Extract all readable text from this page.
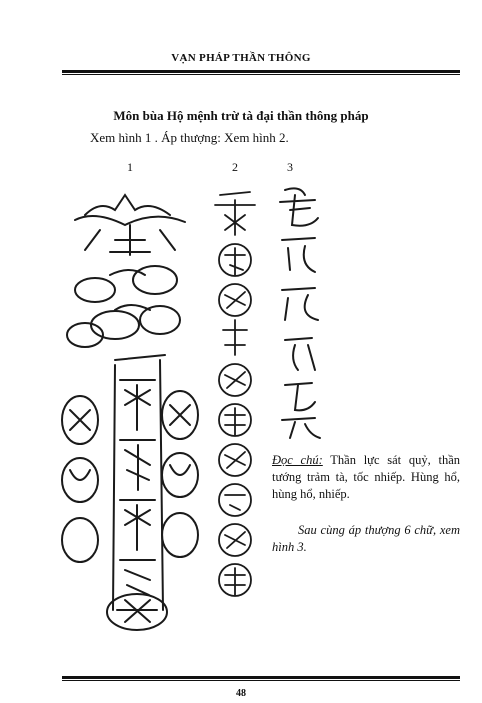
VẠN PHÁP THẦN THÔNG
Môn bùa Hộ mệnh trừ tà đại thần thông pháp
Xem hình 1 . Áp thượng: Xem hình 2.
1	2	3
Đọc chú: Thần lực sát quỷ, thần tướng trảm tà, tốc nhiếp. Hùng hổ, hùng hổ, nhiếp.
Sau cùng áp thượng 6 chữ, xem hình 3.
48
